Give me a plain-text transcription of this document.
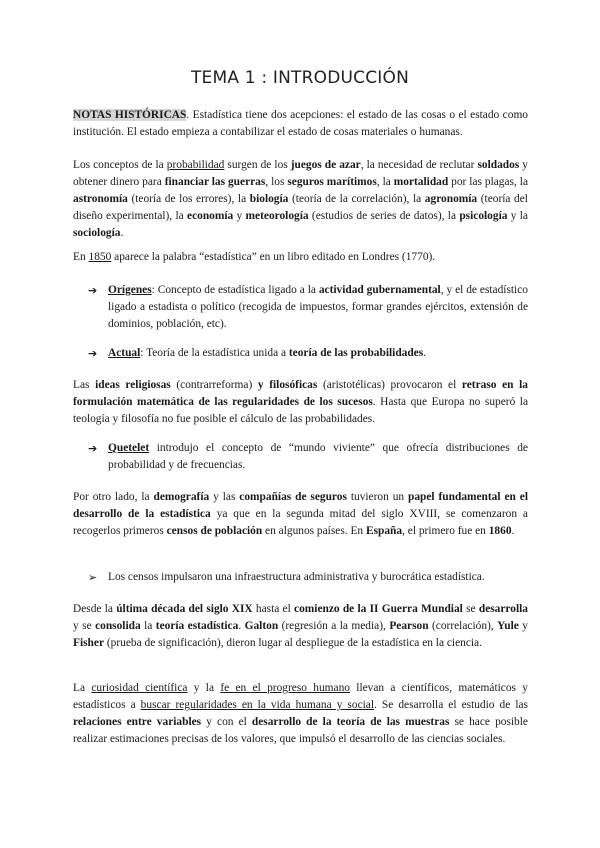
TEMA 1 : INTRODUCCIÓN

NOTAS HISTÓRICAS. Estadística tiene dos acepciones: el estado de las cosas o el estado como institución. El estado empieza a contabilizar el estado de cosas materiales o humanas.

Los conceptos de la probabilidad surgen de los juegos de azar, la necesidad de reclutar soldados y obtener dinero para financiar las guerras, los seguros marítimos, la mortalidad por las plagas, la astronomía (teoría de los errores), la biología (teoría de la correlación), la agronomía (teoría del diseño experimental), la economía y meteorología (estudios de series de datos), la psicología y la sociología.

En 1850 aparece la palabra “estadística” en un libro editado en Londres (1770).

➔ Orígenes: Concepto de estadística ligado a la actividad gubernamental, y el de estadístico ligado a estadista o político (recogida de impuestos, formar grandes ejércitos, extensión de dominios, población, etc).
➔ Actual: Teoría de la estadística unida a teoría de las probabilidades.

Las ideas religiosas (contrarreforma) y filosóficas (aristotélicas) provocaron el retraso en la formulación matemática de las regularidades de los sucesos. Hasta que Europa no superó la teología y filosofía no fue posible el cálculo de las probabilidades.

➔ Quetelet introdujo el concepto de “mundo viviente” que ofrecía distribuciones de probabilidad y de frecuencias.

Por otro lado, la demografía y las compañías de seguros tuvieron un papel fundamental en el desarrollo de la estadística ya que en la segunda mitad del siglo XVIII, se comenzaron a recogerlos primeros censos de población en algunos países. En España, el primero fue en 1860.

➢ Los censos impulsaron una infraestructura administrativa y burocrática estadística.

Desde la última década del siglo XIX hasta el comienzo de la II Guerra Mundial se desarrolla y se consolida la teoría estadística. Galton (regresión a la media), Pearson (correlación), Yule y Fisher (prueba de significación), dieron lugar al despliegue de la estadística en la ciencia.

La curiosidad científica y la fe en el progreso humano llevan a científicos, matemáticos y estadísticos a buscar regularidades en la vida humana y social. Se desarrolla el estudio de las relaciones entre variables y con el desarrollo de la teoría de las muestras se hace posible realizar estimaciones precisas de los valores, que impulsó el desarrollo de las ciencias sociales.
